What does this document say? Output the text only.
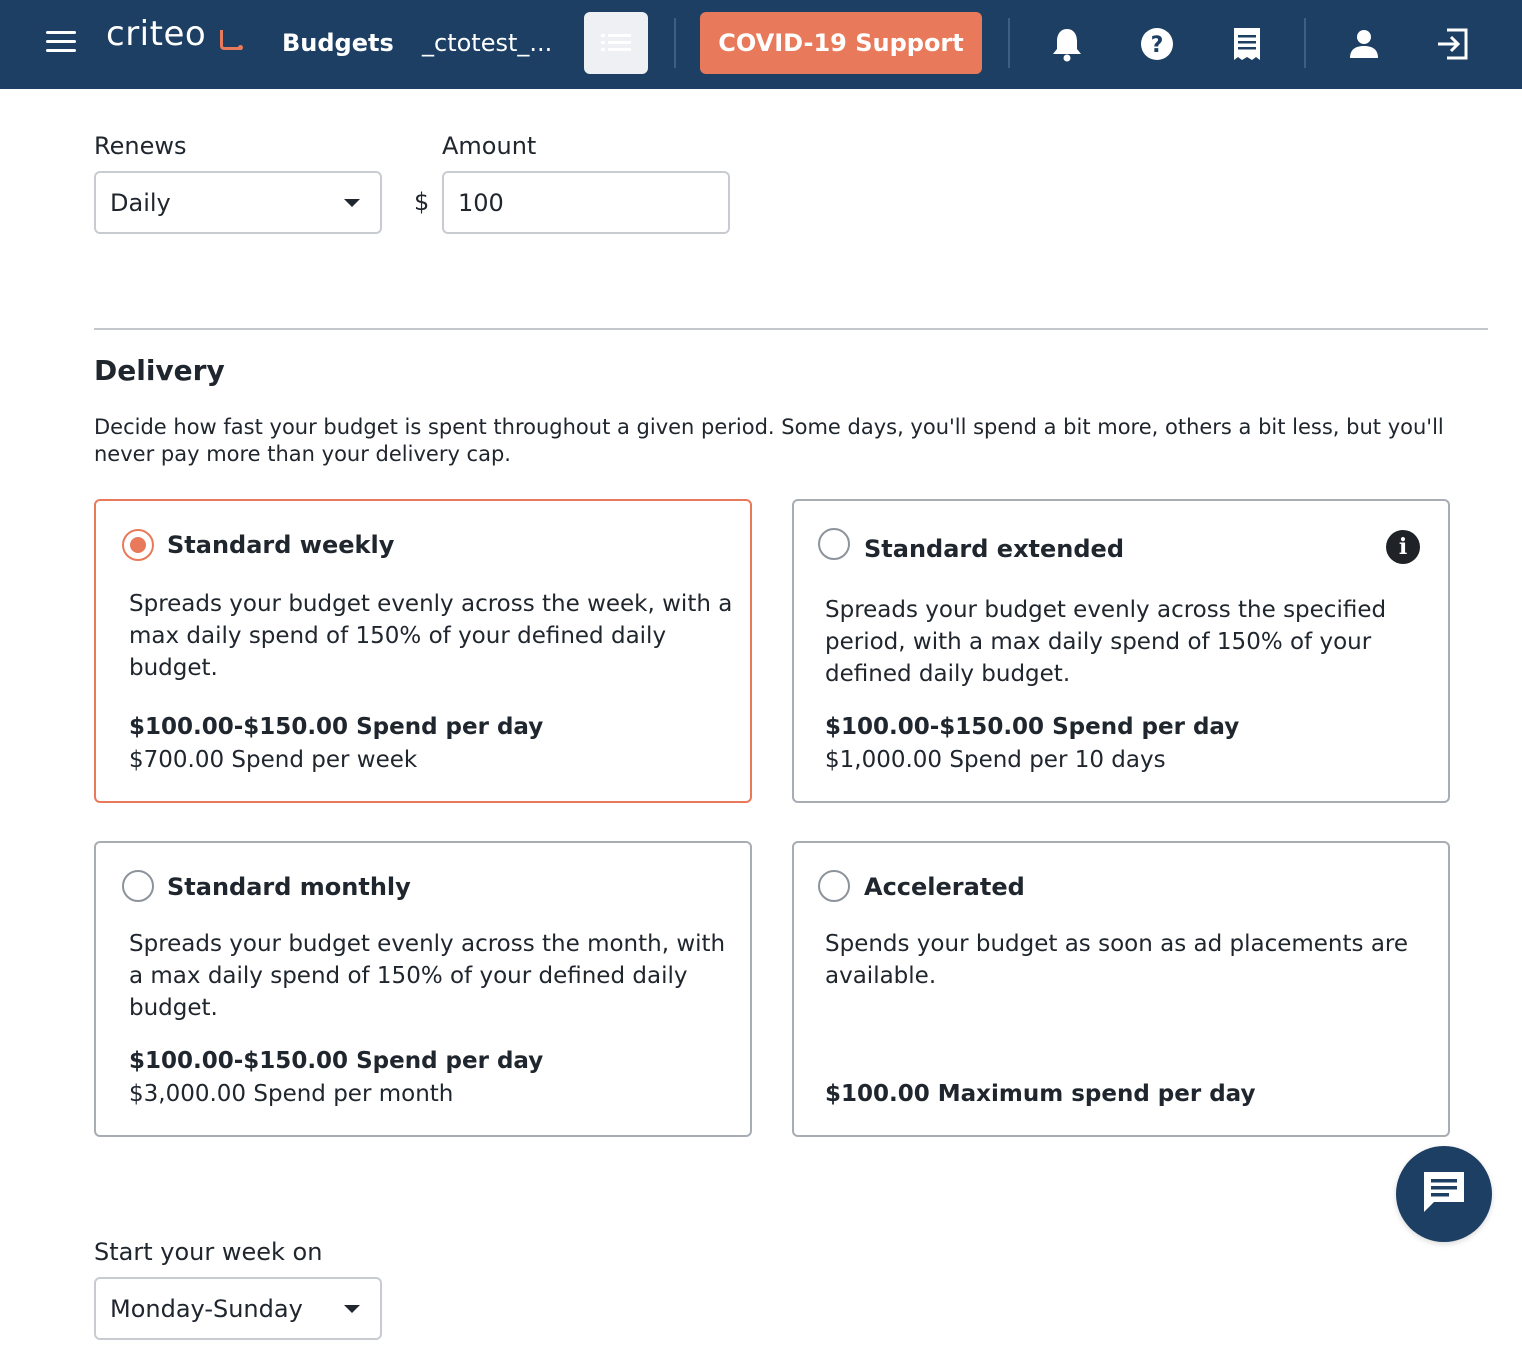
criteo	Budgets _ctotest_...	COVID-19 Support	?
Renews
Daily
Amount
$
100
Delivery
Decide how fast your budget is spent throughout a given period. Some days, you'll spend a bit more, others a bit less, but you'll never pay more than your delivery cap.
Standard weekly
Spreads your budget evenly across the week, with a max daily spend of 150% of your defined daily budget.
$100.00-$150.00 Spend per day
$700.00 Spend per week
Standard extended	i
Spreads your budget evenly across the specified period, with a max daily spend of 150% of your defined daily budget.
$100.00-$150.00 Spend per day
$1,000.00 Spend per 10 days
Standard monthly
Spreads your budget evenly across the month, with a max daily spend of 150% of your defined daily budget.
$100.00-$150.00 Spend per day
$3,000.00 Spend per month
Accelerated
Spends your budget as soon as ad placements are available.
$100.00 Maximum spend per day
Start your week on
Monday-Sunday
